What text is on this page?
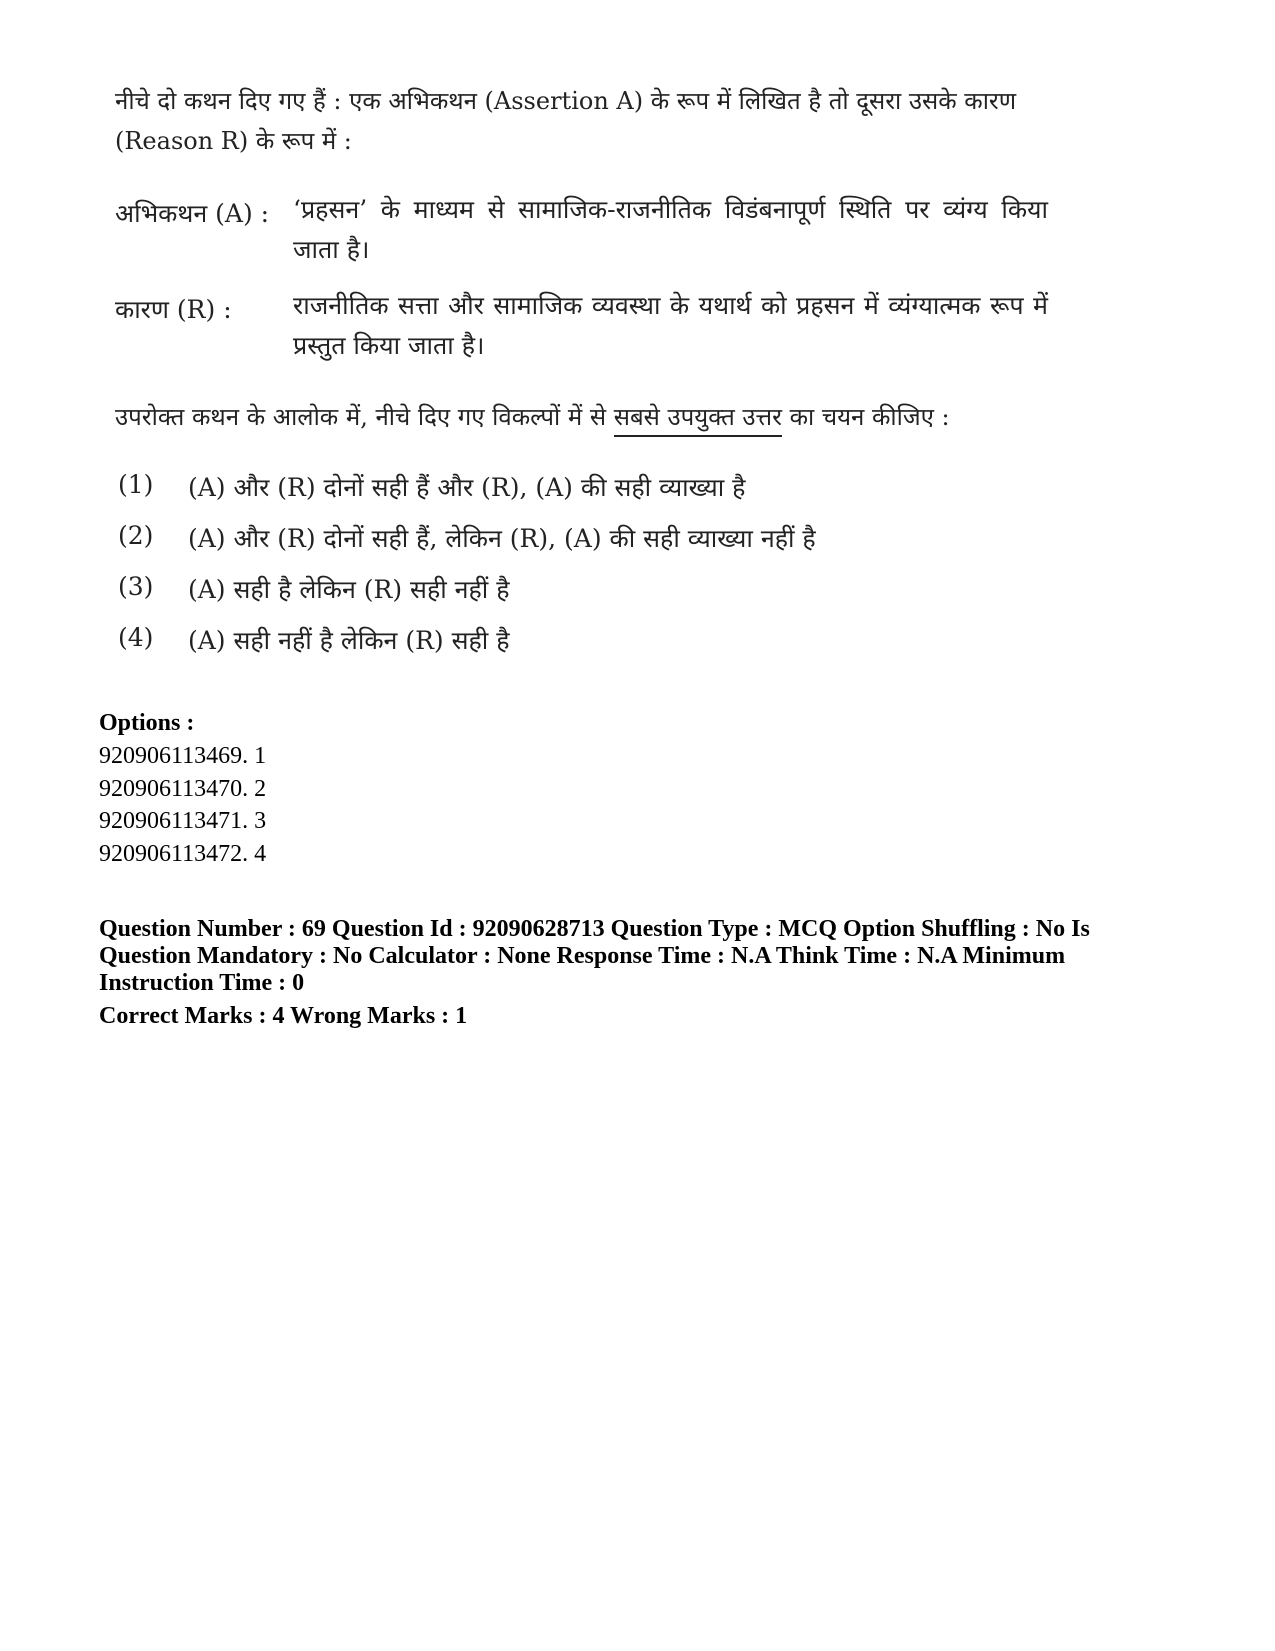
नीचे दो कथन दिए गए हैं : एक अभिकथन (Assertion A) के रूप में लिखित है तो दूसरा उसके कारण
(Reason R) के रूप में :
अभिकथन (A) : ‘प्रहसन’ के माध्यम से सामाजिक-राजनीतिक विडंबनापूर्ण स्थिति पर व्यंग्य किया जाता है।
कारण (R) : राजनीतिक सत्ता और सामाजिक व्यवस्था के यथार्थ को प्रहसन में व्यंग्यात्मक रूप में प्रस्तुत किया जाता है।
उपरोक्त कथन के आलोक में, नीचे दिए गए विकल्पों में से सबसे उपयुक्त उत्तर का चयन कीजिए :
(1) (A) और (R) दोनों सही हैं और (R), (A) की सही व्याख्या है
(2) (A) और (R) दोनों सही हैं, लेकिन (R), (A) की सही व्याख्या नहीं है
(3) (A) सही है लेकिन (R) सही नहीं है
(4) (A) सही नहीं है लेकिन (R) सही है
Options :
920906113469. 1
920906113470. 2
920906113471. 3
920906113472. 4
Question Number : 69 Question Id : 92090628713 Question Type : MCQ Option Shuffling : No Is
Question Mandatory : No Calculator : None Response Time : N.A Think Time : N.A Minimum
Instruction Time : 0
Correct Marks : 4 Wrong Marks : 1
